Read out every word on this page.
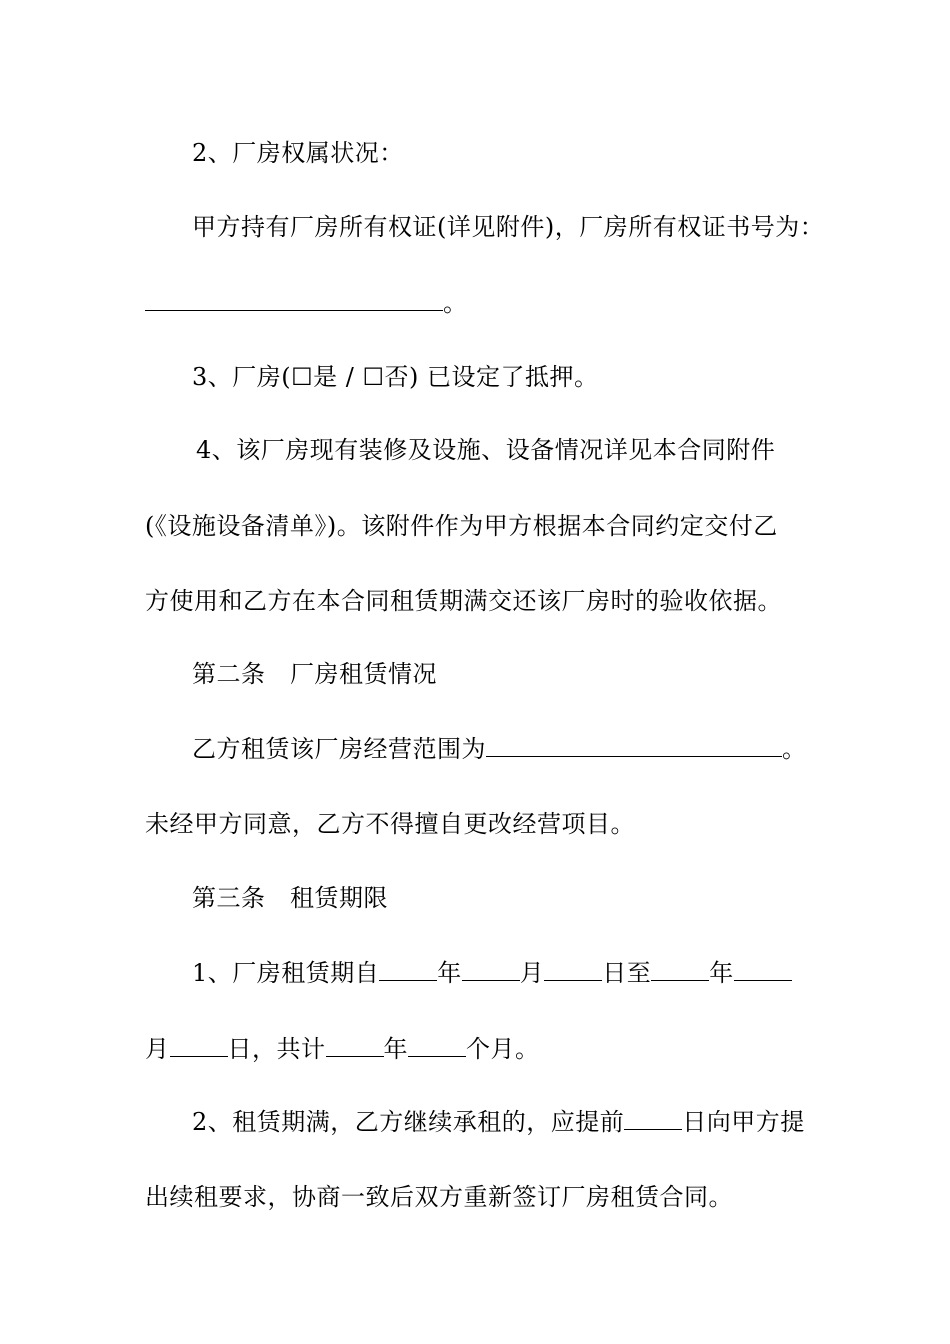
2、厂房权属状况：
甲方持有厂房所有权证(详见附件)，厂房所有权证书号为：
。
3、厂房(☐是 / ☐否) 已设定了抵押。
4、该厂房现有装修及设施、设备情况详见本合同附件
(《设施设备清单》)。该附件作为甲方根据本合同约定交付乙
方使用和乙方在本合同租赁期满交还该厂房时的验收依据。
第二条　厂房租赁情况
乙方租赁该厂房经营范围为	。
未经甲方同意，乙方不得擅自更改经营项目。
第三条　租赁期限
1、厂房租赁期自 年 月 日至 年
月 日，共计 年 个月。
2、租赁期满，乙方继续承租的，应提前 日向甲方提
出续租要求，协商一致后双方重新签订厂房租赁合同。
